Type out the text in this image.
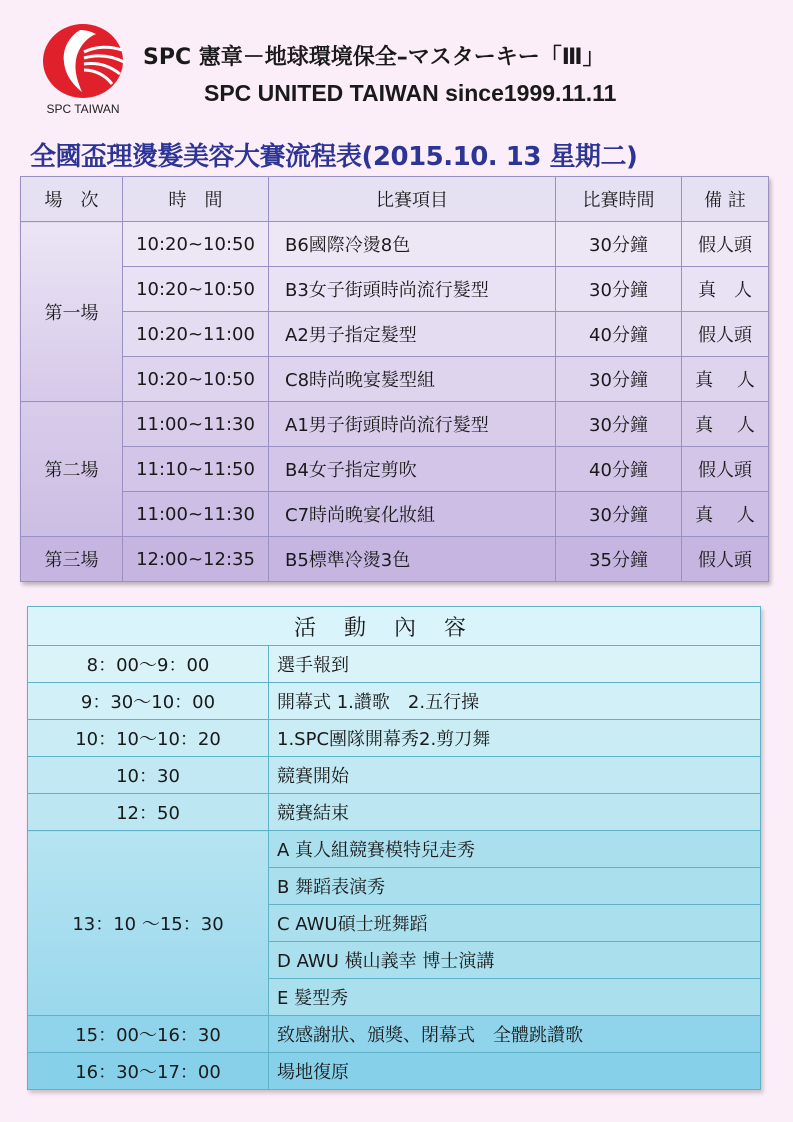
SPC TAIWAN
SPC 憲章－地球環境保全–マスターキー「Ⅲ」
SPC UNITED TAIWAN since1999.11.11
全國盃理燙髮美容大賽流程表(2015.10. 13 星期二)
場　次	時　間	比賽項目	比賽時間	備 註
第一場	10:20~10:50	B6國際冷燙8色	30分鐘	假人頭
	10:20~10:50	B3女子街頭時尚流行髮型	30分鐘	真　人
	10:20~11:00	A2男子指定髮型	40分鐘	假人頭
	10:20~10:50	C8時尚晚宴髮型組	30分鐘	真　 人
第二場	11:00~11:30	A1男子街頭時尚流行髮型	30分鐘	真　 人
	11:10~11:50	B4女子指定剪吹	40分鐘	假人頭
	11:00~11:30	C7時尚晚宴化妝組	30分鐘	真　 人
第三場	12:00~12:35	B5標準冷燙3色	35分鐘	假人頭
活動內容	
8：00～9：00	選手報到
9：30～10：00	開幕式 1.讚歌　2.五行操
10：10～10：20	1.SPC團隊開幕秀2.剪刀舞
10：30	競賽開始
12：50	競賽結束
13：10 ～15：30	A 真人組競賽模特兒走秀
	B 舞蹈表演秀
	C AWU碩士班舞蹈
	D AWU 橫山義幸 博士演講
	E 髮型秀
15：00～16：30	致感謝狀、頒獎、閉幕式　全體跳讚歌
16：30～17：00	場地復原
